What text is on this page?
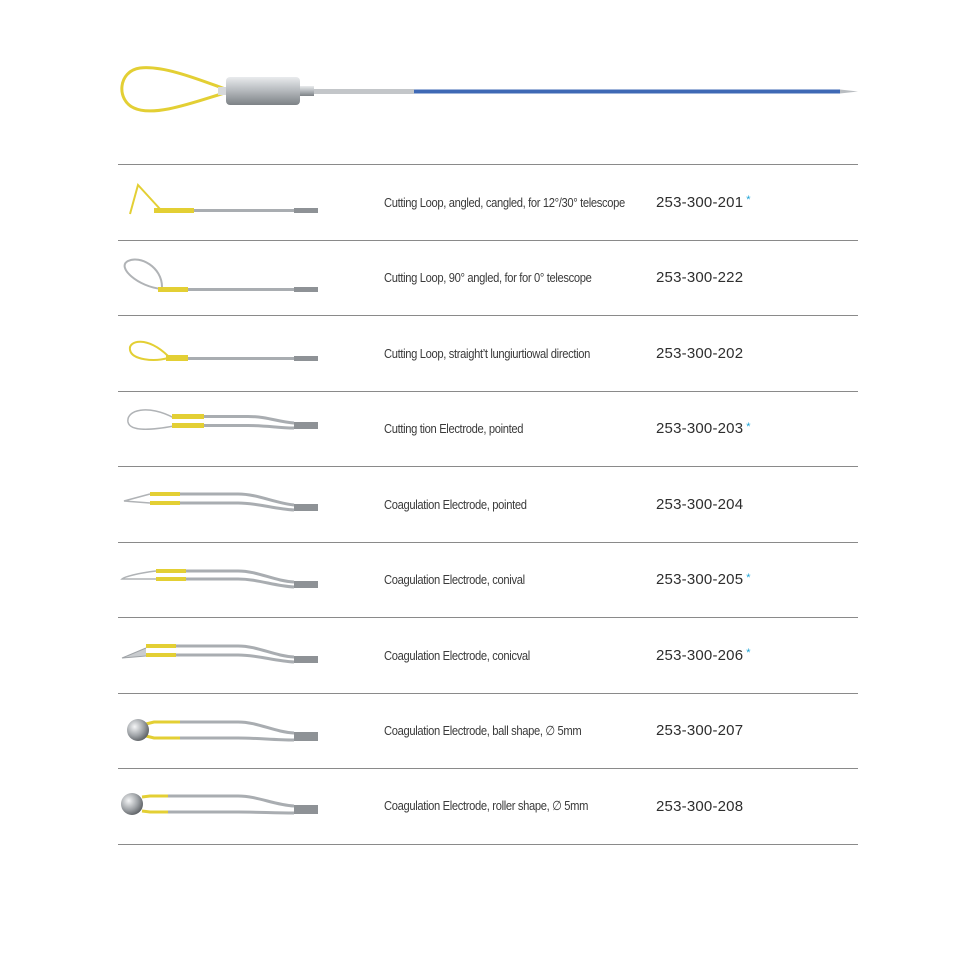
Cutting Loop, angled, cangled, for 12°/30° telescope 253-300-201 *
Cutting Loop, 90° angled, for for 0° telescope	253-300-222
Cutting Loop, straight’t lungiurtiowal direction	253-300-202
Cutting tion Electrode, pointed	253-300-203 *
Coagulation Electrode, pointed	253-300-204
Coagulation Electrode, conival	253-300-205 *
Coagulation Electrode, conicval	253-300-206 *
Coagulation Electrode, ball shape, ∅ 5mm	253-300-207
Coagulation Electrode, roller shape, ∅ 5mm	253-300-208
